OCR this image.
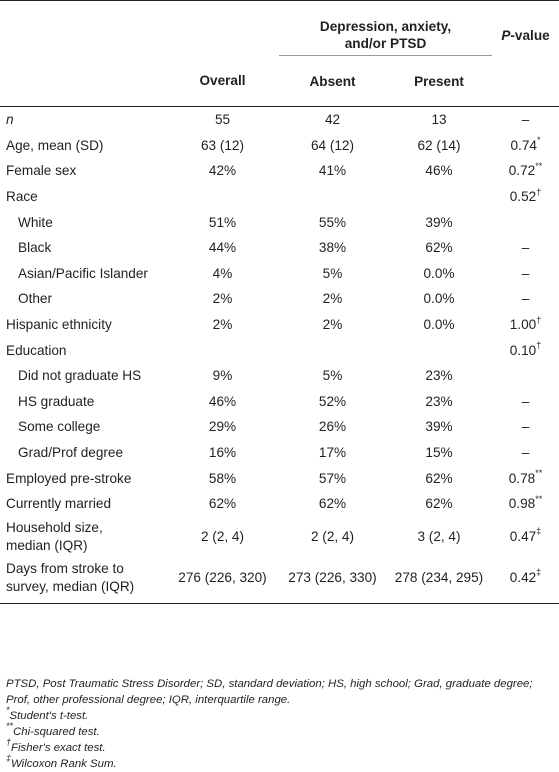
		Depression, anxiety, and/or PTSD		P-value
	Overall	Absent	Present	
n	55	42	13	–
Age, mean (SD)	63 (12)	64 (12)	62 (14)	0.74*
Female sex	42%	41%	46%	0.72**
Race				0.52†
White	51%	55%	39%	
Black	44%	38%	62%	–
Asian/Pacific Islander	4%	5%	0.0%	–
Other	2%	2%	0.0%	–
Hispanic ethnicity	2%	2%	0.0%	1.00†
Education				0.10†
Did not graduate HS	9%	5%	23%	
HS graduate	46%	52%	23%	–
Some college	29%	26%	39%	–
Grad/Prof degree	16%	17%	15%	–
Employed pre-stroke	58%	57%	62%	0.78**
Currently married	62%	62%	62%	0.98**
Household size,
median (IQR)	2 (2, 4)	2 (2, 4)	3 (2, 4)	0.47‡
Days from stroke to
survey, median (IQR)	276 (226, 320)	273 (226, 330)	278 (234, 295)	0.42‡
PTSD, Post Traumatic Stress Disorder; SD, standard deviation; HS, high school; Grad, graduate degree; Prof, other professional degree; IQR, interquartile range.
*Student's t-test.
**Chi-squared test.
†Fisher's exact test.
‡Wilcoxon Rank Sum.
